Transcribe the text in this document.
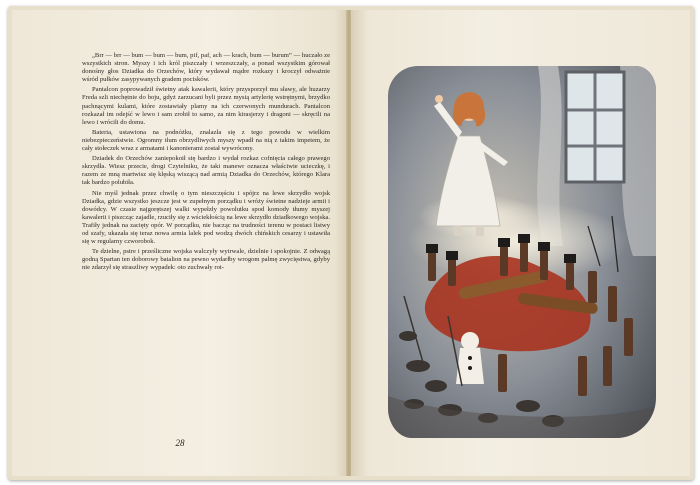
„Brr — brr — bum — bum — bum, pif, paf, ach — krach, bum — burum” — huczało ze wszystkich stron. Myszy i ich król piszczały i wrzeszczały, a ponad wszystkim górował donośny głos Dziadka do Orzechów, który wydawał mądre rozkazy i kroczył odważnie wśród pułków zasypywanych gradem pocisków.

Pantalcon poprowadził świetny atak kawalerii, który przysporzył mu sławy, ale huzarzy Freda szli niechętnie do boju, gdyż zarzucani byli przez mysią artylerię wstrętnymi, brzydko pachnącymi kulami, które zostawiały plamy na ich czerwonych mundurach. Pantalcon rozkazał im odejść w lewo i sam zrobił to samo, za nim kirasjerzy i dragoni — skręcili na lewo i wrócili do domu.

Bateria, ustawiona na podnóżku, znalazła się z tego powodu w wielkim niebezpieczeństwie. Ogromny tłum obrzydliwych myszy wpadł na nią z takim impetem, że cały stołeczek wraz z armatami i kanonierami został wywrócony.

Dziadek do Orzechów zaniepokoił się bardzo i wydał rozkaz cofnięcia całego prawego skrzydła. Wiesz przecie, drogi Czytelniku, że taki manewr oznacza właściwie ucieczkę, i razem ze mną martwisz się klęską wiszącą nad armią Dziadka do Orzechów, którego Klara tak bardzo polubiła.

Nie myśl jednak przez chwilę o tym nieszczęściu i spójrz na lewe skrzydło wojsk Dziadka, gdzie wszystko jeszcze jest w zupełnym porządku i wróży świetne nadzieje armii i dowódcy. W czasie najgorętszej walki wypełzły powolutku spod komody tłumy myszej kawalerii i piszcząc zajadle, rzuciły się z wściekłością na lewe skrzydło dziadkowego wojska. Trafiły jednak na zacięty opór. W porządku, nie bacząc na trudności terenu w postaci listwy od szafy, ukazała się teraz nowa armia lalek pod wodzą dwóch chińskich cesarzy i ustawiła się w regularny czworobok.

Te dzielne, pstre i prześliczne wojska walczyły wytrwale, dzielnie i spokojnie. Z odwagą godną Spartan ten doborowy batalion na pewno wydarłby wrogom palmę zwycięstwa, gdyby nie zdarzył się straszliwy wypadek: oto zuchwały rot-

28
